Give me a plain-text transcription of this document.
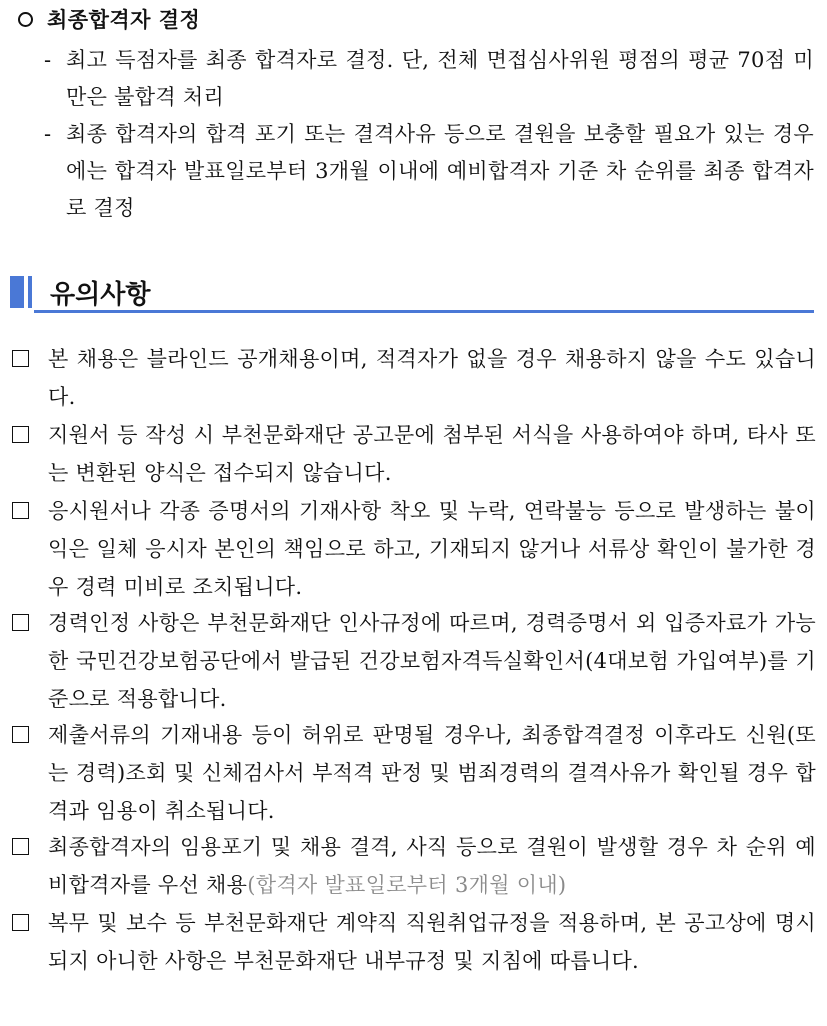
최종합격자 결정
- 최고 득점자를 최종 합격자로 결정. 단, 전체 면접심사위원 평점의 평균 70점 미만은 불합격 처리
- 최종 합격자의 합격 포기 또는 결격사유 등으로 결원을 보충할 필요가 있는 경우에는 합격자 발표일로부터 3개월 이내에 예비합격자 기준 차 순위를 최종 합격자로 결정
유의사항
본 채용은 블라인드 공개채용이며, 적격자가 없을 경우 채용하지 않을 수도 있습니다.
지원서 등 작성 시 부천문화재단 공고문에 첨부된 서식을 사용하여야 하며, 타사 또는 변환된 양식은 접수되지 않습니다.
응시원서나 각종 증명서의 기재사항 착오 및 누락, 연락불능 등으로 발생하는 불이익은 일체 응시자 본인의 책임으로 하고, 기재되지 않거나 서류상 확인이 불가한 경우 경력 미비로 조치됩니다.
경력인정 사항은 부천문화재단 인사규정에 따르며, 경력증명서 외 입증자료가 가능한 국민건강보험공단에서 발급된 건강보험자격득실확인서(4대보험 가입여부)를 기준으로 적용합니다.
제출서류의 기재내용 등이 허위로 판명될 경우나, 최종합격결정 이후라도 신원(또는 경력)조회 및 신체검사서 부적격 판정 및 범죄경력의 결격사유가 확인될 경우 합격과 임용이 취소됩니다.
최종합격자의 임용포기 및 채용 결격, 사직 등으로 결원이 발생할 경우 차 순위 예비합격자를 우선 채용(합격자 발표일로부터 3개월 이내)
복무 및 보수 등 부천문화재단 계약직 직원취업규정을 적용하며, 본 공고상에 명시되지 아니한 사항은 부천문화재단 내부규정 및 지침에 따릅니다.
